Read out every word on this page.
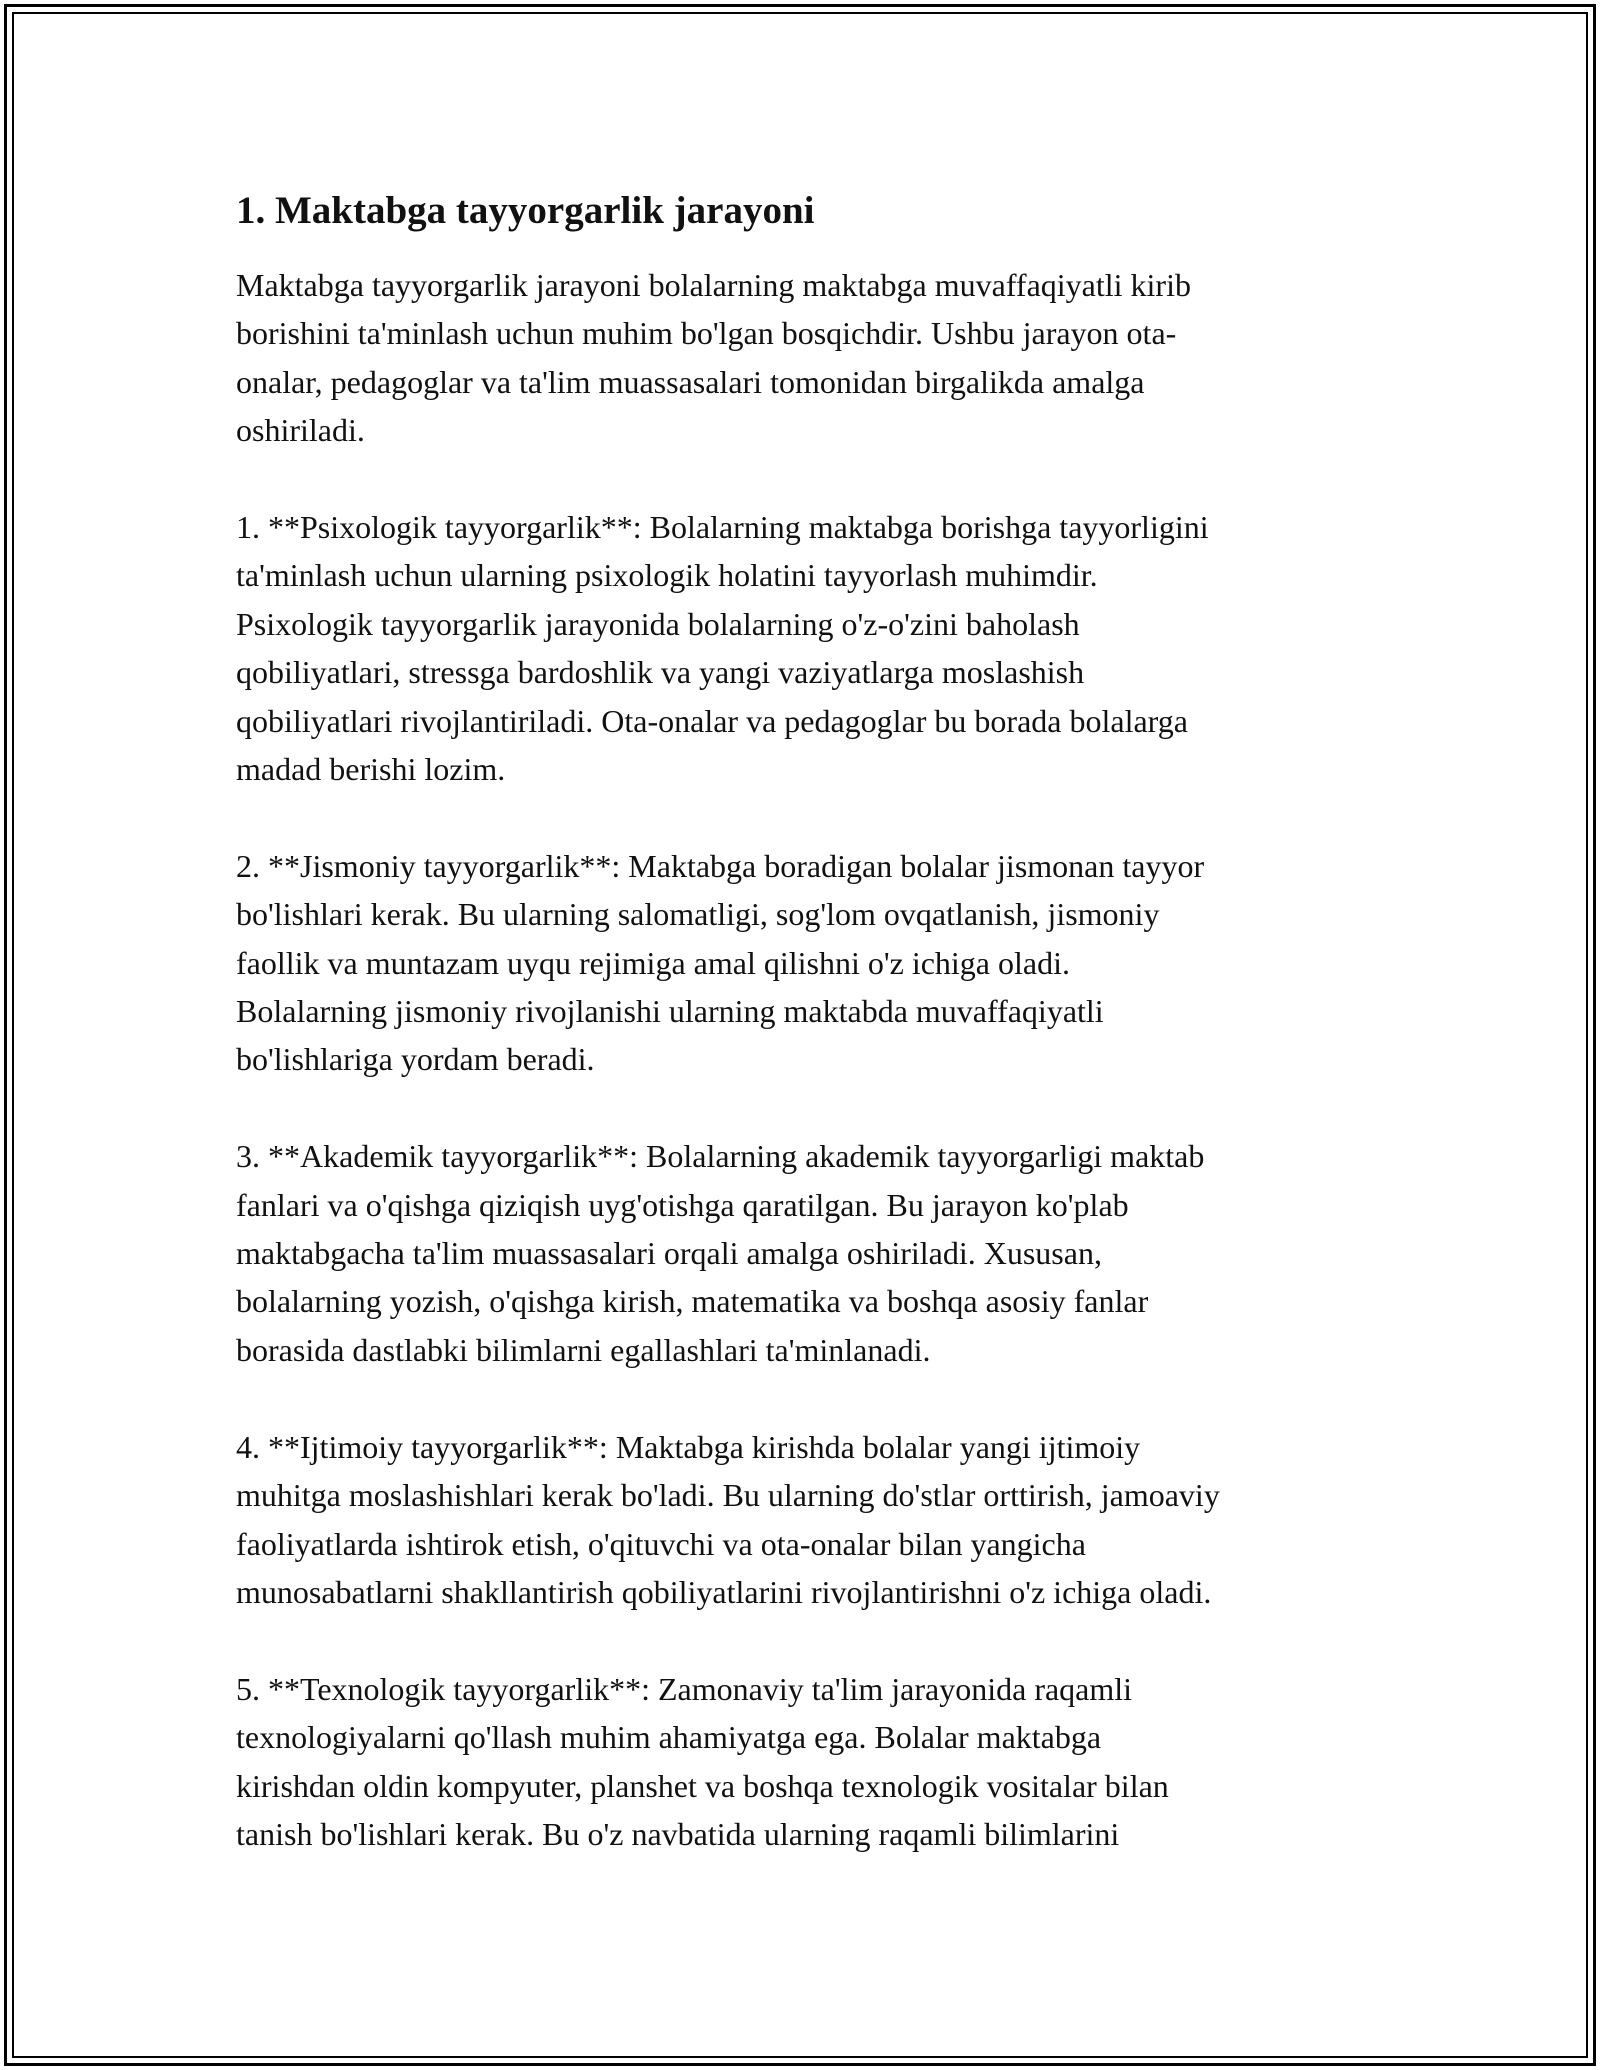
1. Maktabga tayyorgarlik jarayoni

Maktabga tayyorgarlik jarayoni bolalarning maktabga muvaffaqiyatli kirib
borishini ta'minlash uchun muhim bo'lgan bosqichdir. Ushbu jarayon ota-
onalar, pedagoglar va ta'lim muassasalari tomonidan birgalikda amalga
oshiriladi.

1. **Psixologik tayyorgarlik**: Bolalarning maktabga borishga tayyorligini
ta'minlash uchun ularning psixologik holatini tayyorlash muhimdir.
Psixologik tayyorgarlik jarayonida bolalarning o'z-o'zini baholash
qobiliyatlari, stressga bardoshlik va yangi vaziyatlarga moslashish
qobiliyatlari rivojlantiriladi. Ota-onalar va pedagoglar bu borada bolalarga
madad berishi lozim.

2. **Jismoniy tayyorgarlik**: Maktabga boradigan bolalar jismonan tayyor
bo'lishlari kerak. Bu ularning salomatligi, sog'lom ovqatlanish, jismoniy
faollik va muntazam uyqu rejimiga amal qilishni o'z ichiga oladi.
Bolalarning jismoniy rivojlanishi ularning maktabda muvaffaqiyatli
bo'lishlariga yordam beradi.

3. **Akademik tayyorgarlik**: Bolalarning akademik tayyorgarligi maktab
fanlari va o'qishga qiziqish uyg'otishga qaratilgan. Bu jarayon ko'plab
maktabgacha ta'lim muassasalari orqali amalga oshiriladi. Xususan,
bolalarning yozish, o'qishga kirish, matematika va boshqa asosiy fanlar
borasida dastlabki bilimlarni egallashlari ta'minlanadi.

4. **Ijtimoiy tayyorgarlik**: Maktabga kirishda bolalar yangi ijtimoiy
muhitga moslashishlari kerak bo'ladi. Bu ularning do'stlar orttirish, jamoaviy
faoliyatlarda ishtirok etish, o'qituvchi va ota-onalar bilan yangicha
munosabatlarni shakllantirish qobiliyatlarini rivojlantirishni o'z ichiga oladi.

5. **Texnologik tayyorgarlik**: Zamonaviy ta'lim jarayonida raqamli
texnologiyalarni qo'llash muhim ahamiyatga ega. Bolalar maktabga
kirishdan oldin kompyuter, planshet va boshqa texnologik vositalar bilan
tanish bo'lishlari kerak. Bu o'z navbatida ularning raqamli bilimlarini
